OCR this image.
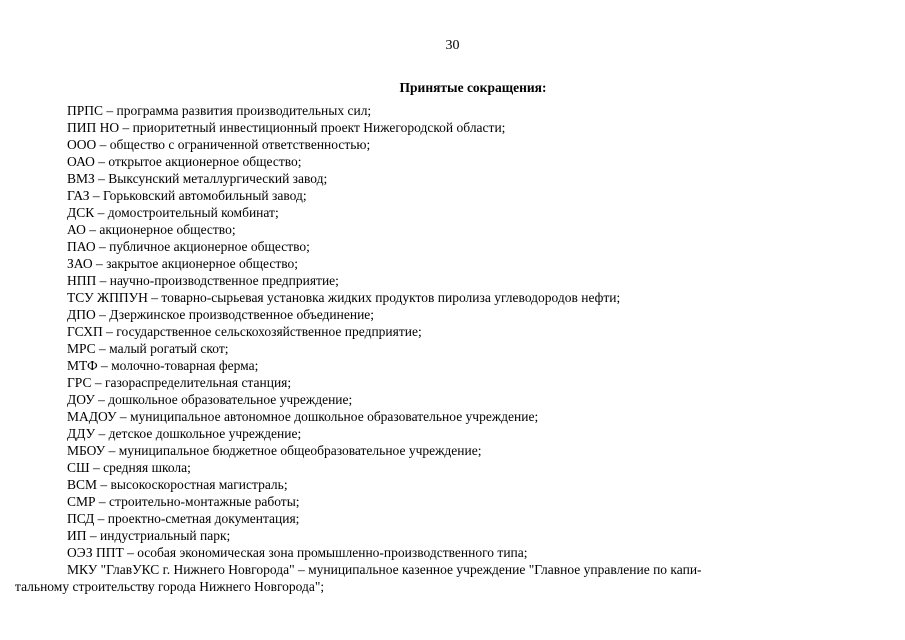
30
Принятые сокращения:
ПРПС – программа развития производительных сил;
ПИП НО – приоритетный инвестиционный проект Нижегородской области;
ООО – общество с ограниченной ответственностью;
ОАО – открытое акционерное общество;
ВМЗ – Выксунский металлургический завод;
ГАЗ – Горьковский автомобильный завод;
ДСК – домостроительный комбинат;
АО – акционерное общество;
ПАО – публичное акционерное общество;
ЗАО – закрытое акционерное общество;
НПП – научно-производственное предприятие;
ТСУ ЖППУН – товарно-сырьевая установка жидких продуктов пиролиза углеводородов нефти;
ДПО – Дзержинское производственное объединение;
ГСХП – государственное сельскохозяйственное предприятие;
МРС – малый рогатый скот;
МТФ – молочно-товарная ферма;
ГРС – газораспределительная станция;
ДОУ – дошкольное образовательное учреждение;
МАДОУ – муниципальное автономное дошкольное образовательное учреждение;
ДДУ – детское дошкольное учреждение;
МБОУ – муниципальное бюджетное общеобразовательное учреждение;
СШ – средняя школа;
ВСМ – высокоскоростная магистраль;
СМР – строительно-монтажные работы;
ПСД – проектно-сметная документация;
ИП – индустриальный парк;
ОЭЗ ППТ – особая экономическая зона промышленно-производственного типа;
МКУ "ГлавУКС г. Нижнего Новгорода" – муниципальное казенное учреждение "Главное управление по капи-
тальному строительству города Нижнего Новгорода";
